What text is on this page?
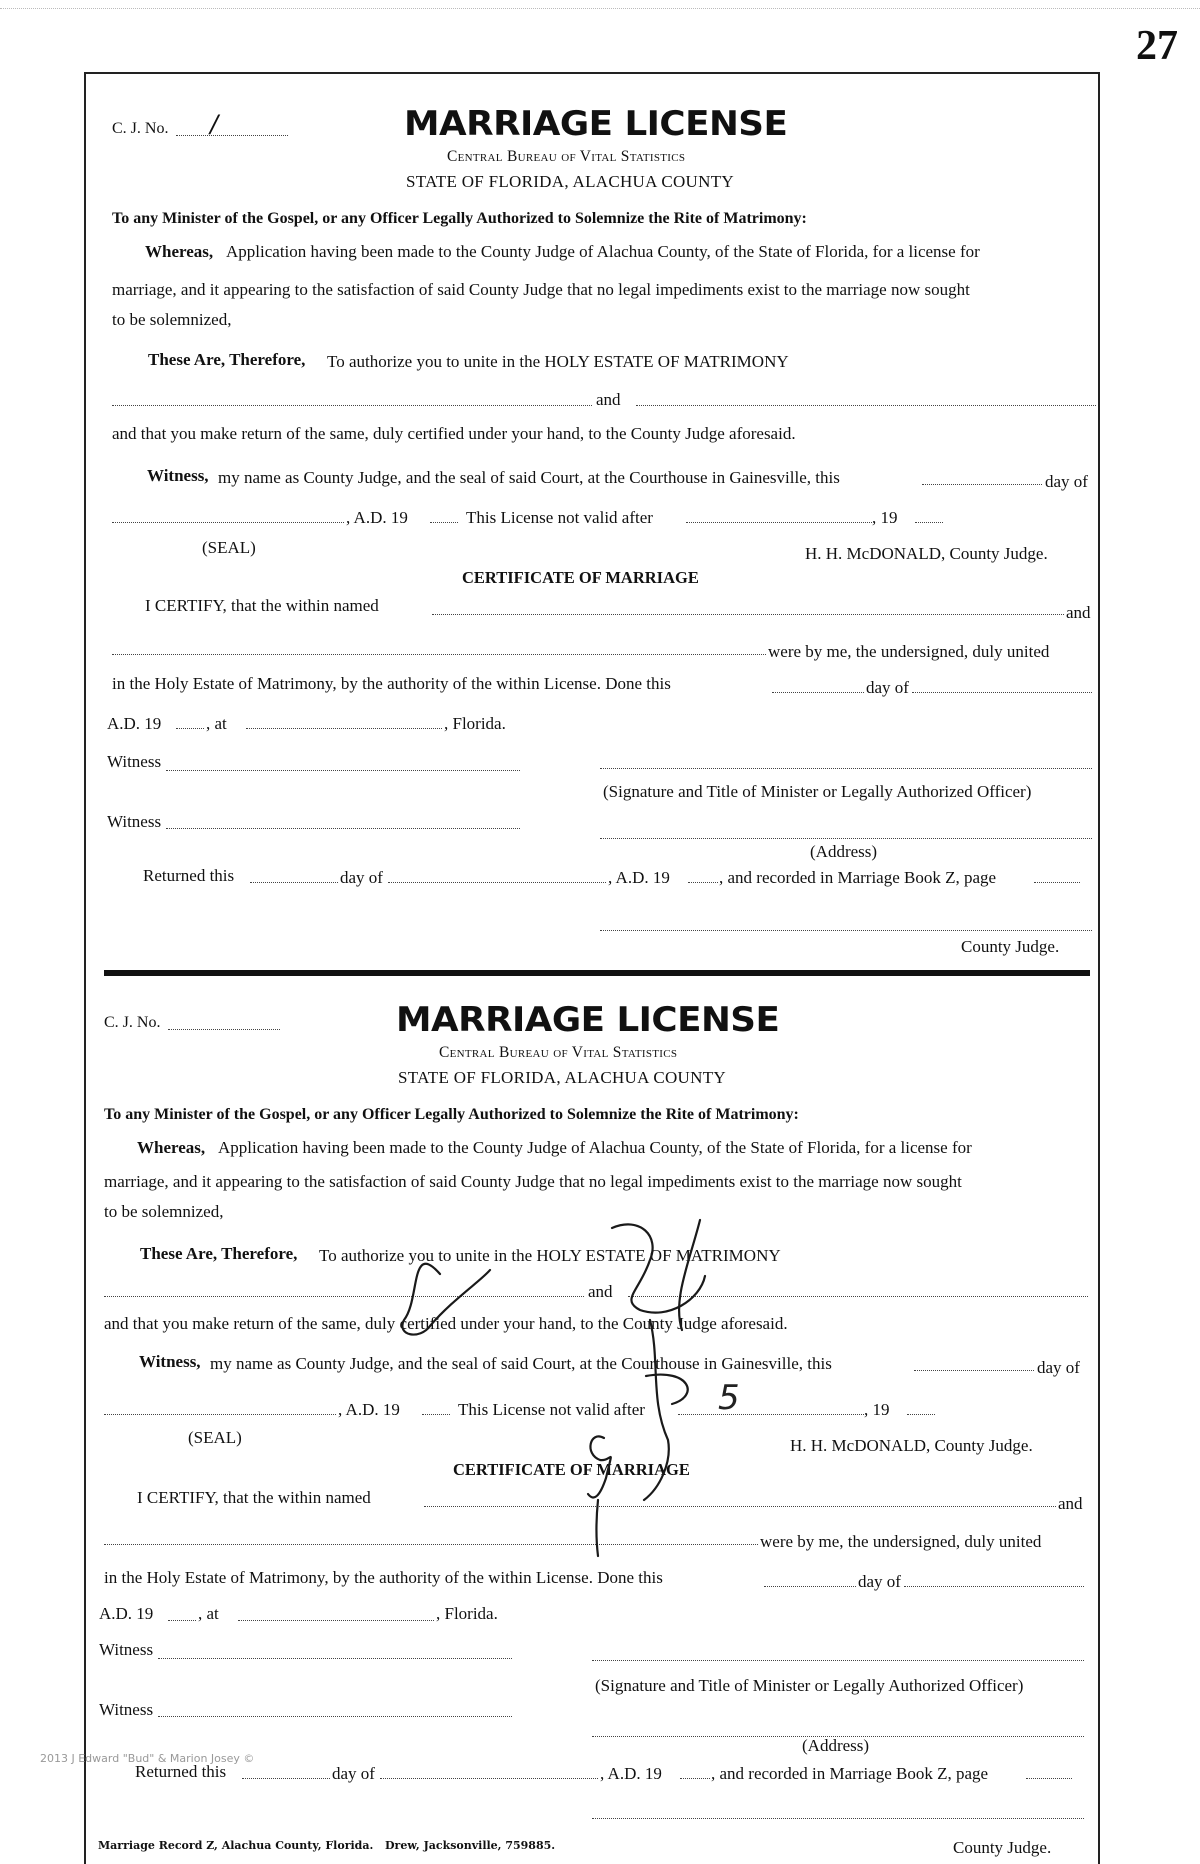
27
C. J. No. /	MARRIAGE LICENSE
Central Bureau of Vital Statistics
STATE OF FLORIDA, ALACHUA COUNTY
To any Minister of the Gospel, or any Officer Legally Authorized to Solemnize the Rite of Matrimony:
Whereas, Application having been made to the County Judge of Alachua County, of the State of Florida, for a license for
marriage, and it appearing to the satisfaction of said County Judge that no legal impediments exist to the marriage now sought
to be solemnized,
These Are, Therefore, To authorize you to unite in the HOLY ESTATE OF MATRIMONY
and
and that you make return of the same, duly certified under your hand, to the County Judge aforesaid.
Witness, my name as County Judge, and the seal of said Court, at the Courthouse in Gainesville, this	day of
, A.D. 19	This License not valid after	, 19
(SEAL)	H. H. McDONALD, County Judge.
CERTIFICATE OF MARRIAGE
I CERTIFY, that the within named	and
were by me, the undersigned, duly united
in the Holy Estate of Matrimony, by the authority of the within License. Done this	day of
A.D. 19	, at	, Florida.
Witness
(Signature and Title of Minister or Legally Authorized Officer)
Witness
(Address)
Returned this	day of	, A.D. 19	, and recorded in Marriage Book Z, page
County Judge.
C. J. No.	MARRIAGE LICENSE
Central Bureau of Vital Statistics
STATE OF FLORIDA, ALACHUA COUNTY
To any Minister of the Gospel, or any Officer Legally Authorized to Solemnize the Rite of Matrimony:
Whereas, Application having been made to the County Judge of Alachua County, of the State of Florida, for a license for
marriage, and it appearing to the satisfaction of said County Judge that no legal impediments exist to the marriage now sought
to be solemnized,
These Are, Therefore, To authorize you to unite in the HOLY ESTATE OF MATRIMONY
and
and that you make return of the same, duly certified under your hand, to the County Judge aforesaid.
Witness, my name as County Judge, and the seal of said Court, at the Courthouse in Gainesville, this	day of
, A.D. 19	This License not valid after	, 19
5
(SEAL)	H. H. McDONALD, County Judge.
CERTIFICATE OF MARRIAGE
I CERTIFY, that the within named	and
were by me, the undersigned, duly united
in the Holy Estate of Matrimony, by the authority of the within License. Done this	day of
A.D. 19	, at	, Florida.
Witness
(Signature and Title of Minister or Legally Authorized Officer)
Witness
(Address)
Returned this	day of	, A.D. 19	, and recorded in Marriage Book Z, page
County Judge.
2013 J Edward "Bud" & Marion Josey ©
Marriage Record Z, Alachua County, Florida. Drew, Jacksonville, 759885.
